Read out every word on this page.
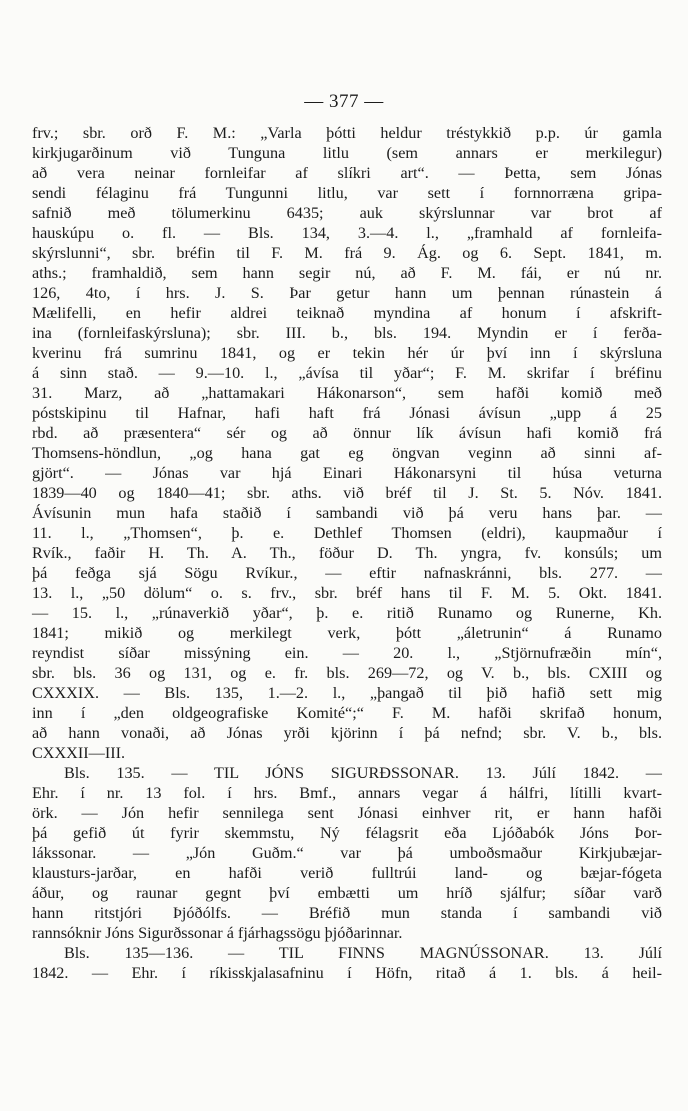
— 377 —
frv.; sbr. orð F. M.: „Varla þótti heldur tréstykkið p.p. úr gamla
kirkjugarðinum við Tunguna litlu (sem annars er merkilegur)
að vera neinar fornleifar af slíkri art“. — Þetta, sem Jónas
sendi félaginu frá Tungunni litlu, var sett í fornnorræna gripa-
safnið með tölumerkinu 6435; auk skýrslunnar var brot af
hauskúpu o. fl. — Bls. 134, 3.—4. l., „framhald af fornleifa-
skýrslunni“, sbr. bréfin til F. M. frá 9. Ág. og 6. Sept. 1841, m.
aths.; framhaldið, sem hann segir nú, að F. M. fái, er nú nr.
126, 4to, í hrs. J. S. Þar getur hann um þennan rúnastein á
Mælifelli, en hefir aldrei teiknað myndina af honum í afskrift-
ina (fornleifaskýrsluna); sbr. III. b., bls. 194. Myndin er í ferða-
kverinu frá sumrinu 1841, og er tekin hér úr því inn í skýrsluna
á sinn stað. — 9.—10. l., „ávísa til yðar“; F. M. skrifar í bréfinu
31. Marz, að „hattamakari Hákonarson“, sem hafði komið með
póstskipinu til Hafnar, hafi haft frá Jónasi ávísun „upp á 25
rbd. að præsentera“ sér og að önnur lík ávísun hafi komið frá
Thomsens-höndlun, „og hana gat eg öngvan veginn að sinni af-
gjört“. — Jónas var hjá Einari Hákonarsyni til húsa veturna
1839—40 og 1840—41; sbr. aths. við bréf til J. St. 5. Nóv. 1841.
Ávísunin mun hafa staðið í sambandi við þá veru hans þar. —
11. l., „Thomsen“, þ. e. Dethlef Thomsen (eldri), kaupmaður í
Rvík., faðir H. Th. A. Th., föður D. Th. yngra, fv. konsúls; um
þá feðga sjá Sögu Rvíkur., — eftir nafnaskránni, bls. 277. —
13. l., „50 dölum“ o. s. frv., sbr. bréf hans til F. M. 5. Okt. 1841.
— 15. l., „rúnaverkið yðar“, þ. e. ritið Runamo og Runerne, Kh.
1841; mikið og merkilegt verk, þótt „áletrunin“ á Runamo
reyndist síðar missýning ein. — 20. l., „Stjörnufræðin mín“,
sbr. bls. 36 og 131, og e. fr. bls. 269—72, og V. b., bls. CXIII og
CXXXIX. — Bls. 135, 1.—2. l., „þangað til þið hafið sett mig
inn í „den oldgeografiske Komité“;“ F. M. hafði skrifað honum,
að hann vonaði, að Jónas yrði kjörinn í þá nefnd; sbr. V. b., bls.
CXXXII—III.
Bls. 135. — TIL JÓNS SIGURÐSSONAR. 13. Júlí 1842. —
Ehr. í nr. 13 fol. í hrs. Bmf., annars vegar á hálfri, lítilli kvart-
örk. — Jón hefir sennilega sent Jónasi einhver rit, er hann hafði
þá gefið út fyrir skemmstu, Ný félagsrit eða Ljóðabók Jóns Þor-
lákssonar. — „Jón Guðm.“ var þá umboðsmaður Kirkjubæjar-
klausturs-jarðar, en hafði verið fulltrúi land- og bæjar-fógeta
áður, og raunar gegnt því embætti um hríð sjálfur; síðar varð
hann ritstjóri Þjóðólfs. — Bréfið mun standa í sambandi við
rannsóknir Jóns Sigurðssonar á fjárhagssögu þjóðarinnar.
Bls. 135—136. — TIL FINNS MAGNÚSSONAR. 13. Júlí
1842. — Ehr. í ríkisskjalasafninu í Höfn, ritað á 1. bls. á heil-
